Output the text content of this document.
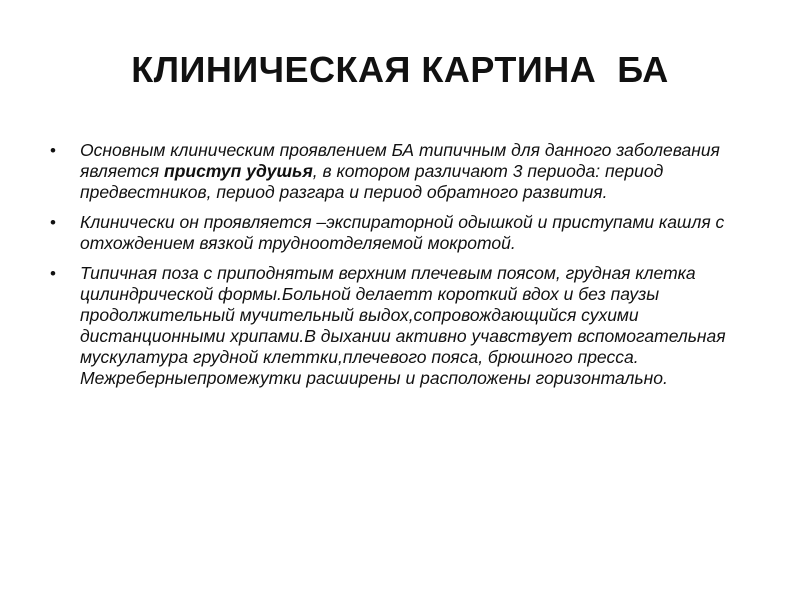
КЛИНИЧЕСКАЯ КАРТИНА  БА
• Основным клиническим проявлением БА типичным для данного заболевания является приступ удушья, в котором различают 3 периода: период предвестников, период разгара и период обратного развития.
• Клинически он проявляется –экспираторной одышкой и приступами кашля с отхождением вязкой трудноотделяемой мокротой.
• Типичная поза с приподнятым верхним плечевым поясом, грудная клетка цилиндрической формы.Больной делаетт короткий вдох и без паузы продолжительный мучительный выдох,сопровождающийся сухими дистанционными хрипами.В дыхании активно учавствует вспомогательная мускулатура грудной клеттки,плечевого пояса, брюшного пресса. Межреберныепромежутки расширены и расположены горизонтально.
